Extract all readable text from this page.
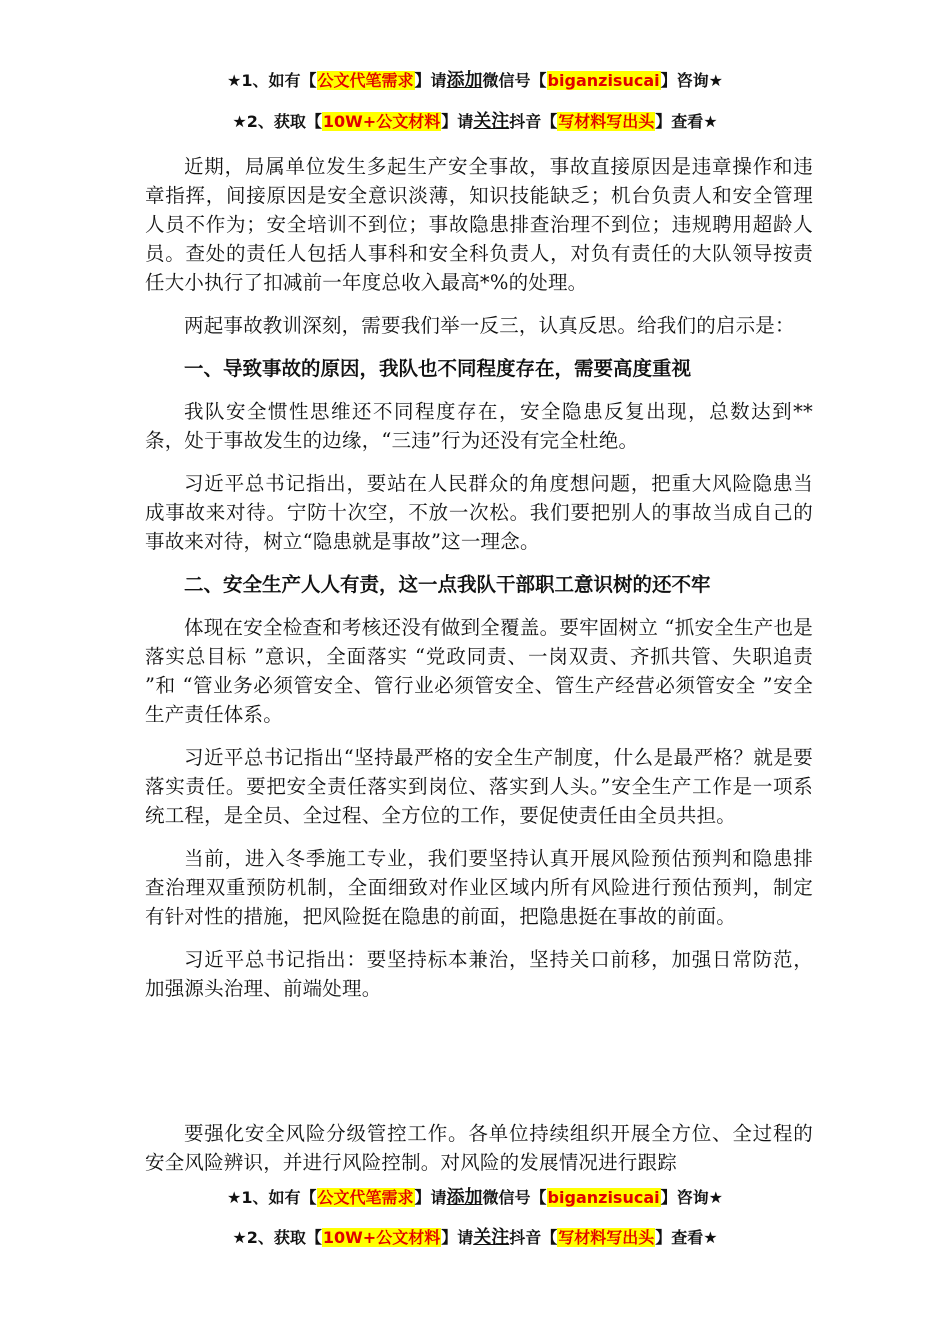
★1、如有【公文代笔需求】请添加微信号【biganzisucai】咨询★
★2、获取【10W+公文材料】请关注抖音【写材料写出头】查看★

近期，局属单位发生多起生产安全事故，事故直接原因是违章操作和违章指挥，间接原因是安全意识淡薄，知识技能缺乏；机台负责人和安全管理人员不作为；安全培训不到位；事故隐患排查治理不到位；违规聘用超龄人员。查处的责任人包括人事科和安全科负责人，对负有责任的大队领导按责任大小执行了扣减前一年度总收入最高*%的处理。

两起事故教训深刻，需要我们举一反三，认真反思。给我们的启示是：

一、导致事故的原因，我队也不同程度存在，需要高度重视

我队安全惯性思维还不同程度存在，安全隐患反复出现，总数达到**条，处于事故发生的边缘，“三违”行为还没有完全杜绝。

习近平总书记指出，要站在人民群众的角度想问题，把重大风险隐患当成事故来对待。宁防十次空，不放一次松。我们要把别人的事故当成自己的事故来对待，树立“隐患就是事故”这一理念。

二、安全生产人人有责，这一点我队干部职工意识树的还不牢

体现在安全检查和考核还没有做到全覆盖。要牢固树立 “抓安全生产也是落实总目标 ”意识，全面落实 “党政同责、一岗双责、齐抓共管、失职追责 ”和 “管业务必须管安全、管行业必须管安全、管生产经营必须管安全 ”安全生产责任体系。

习近平总书记指出“坚持最严格的安全生产制度，什么是最严格？就是要落实责任。要把安全责任落实到岗位、落实到人头。”安全生产工作是一项系统工程，是全员、全过程、全方位的工作，要促使责任由全员共担。

当前，进入冬季施工专业，我们要坚持认真开展风险预估预判和隐患排查治理双重预防机制，全面细致对作业区域内所有风险进行预估预判，制定有针对性的措施，把风险挺在隐患的前面，把隐患挺在事故的前面。

习近平总书记指出：要坚持标本兼治，坚持关口前移，加强日常防范，加强源头治理、前端处理。

要强化安全风险分级管控工作。各单位持续组织开展全方位、全过程的安全风险辨识，并进行风险控制。对风险的发展情况进行跟踪

★1、如有【公文代笔需求】请添加微信号【biganzisucai】咨询★
★2、获取【10W+公文材料】请关注抖音【写材料写出头】查看★
